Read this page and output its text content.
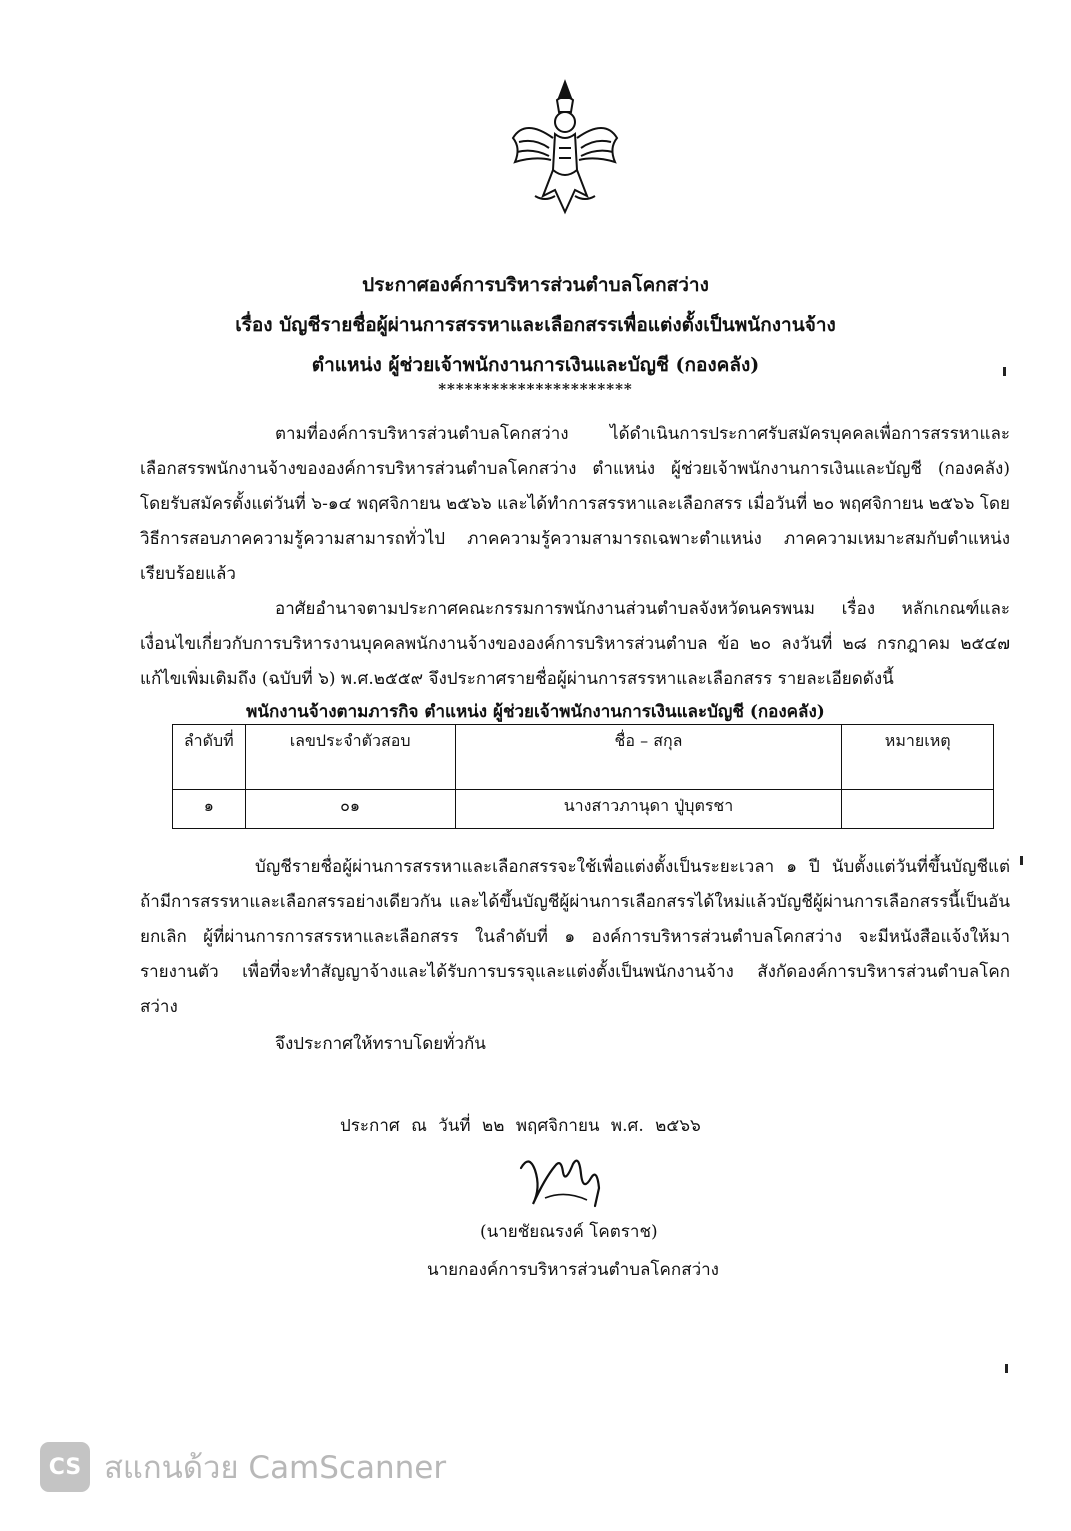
ประกาศองค์การบริหารส่วนตำบลโคกสว่าง
เรื่อง บัญชีรายชื่อผู้ผ่านการสรรหาและเลือกสรรเพื่อแต่งตั้งเป็นพนักงานจ้าง
ตำแหน่ง ผู้ช่วยเจ้าพนักงานการเงินและบัญชี (กองคลัง)
**********************
ตามที่องค์การบริหารส่วนตำบลโคกสว่าง ได้ดำเนินการประกาศรับสมัครบุคคลเพื่อการสรรหาและเลือกสรรพนักงานจ้างขององค์การบริหารส่วนตำบลโคกสว่าง ตำแหน่ง ผู้ช่วยเจ้าพนักงานการเงินและบัญชี (กองคลัง) โดยรับสมัครตั้งแต่วันที่ ๖-๑๔ พฤศจิกายน ๒๕๖๖ และได้ทำการสรรหาและเลือกสรร เมื่อวันที่ ๒๐ พฤศจิกายน ๒๕๖๖ โดยวิธีการสอบภาคความรู้ความสามารถทั่วไป ภาคความรู้ความสามารถเฉพาะตำแหน่ง ภาคความเหมาะสมกับตำแหน่ง เรียบร้อยแล้ว
อาศัยอำนาจตามประกาศคณะกรรมการพนักงานส่วนตำบลจังหวัดนครพนม เรื่อง หลักเกณฑ์และเงื่อนไขเกี่ยวกับการบริหารงานบุคคลพนักงานจ้างขององค์การบริหารส่วนตำบล ข้อ ๒๐ ลงวันที่ ๒๘ กรกฎาคม ๒๕๔๗ แก้ไขเพิ่มเติมถึง (ฉบับที่ ๖) พ.ศ.๒๕๕๙ จึงประกาศรายชื่อผู้ผ่านการสรรหาและเลือกสรร รายละเอียดดังนี้
พนักงานจ้างตามภารกิจ ตำแหน่ง ผู้ช่วยเจ้าพนักงานการเงินและบัญชี (กองคลัง)
ลำดับที่	เลขประจำตัวสอบ	ชื่อ – สกุล	หมายเหตุ
๑	๐๑	นางสาวภานุดา ปู่บุตรชา	
บัญชีรายชื่อผู้ผ่านการสรรหาและเลือกสรรจะใช้เพื่อแต่งตั้งเป็นระยะเวลา ๑ ปี นับตั้งแต่วันที่ขึ้นบัญชีแต่ถ้ามีการสรรหาและเลือกสรรอย่างเดียวกัน และได้ขึ้นบัญชีผู้ผ่านการเลือกสรรได้ใหม่แล้วบัญชีผู้ผ่านการเลือกสรรนี้เป็นอันยกเลิก ผู้ที่ผ่านการการสรรหาและเลือกสรร ในลำดับที่ ๑ องค์การบริหารส่วนตำบลโคกสว่าง จะมีหนังสือแจ้งให้มารายงานตัว เพื่อที่จะทำสัญญาจ้างและได้รับการบรรจุและแต่งตั้งเป็นพนักงานจ้าง สังกัดองค์การบริหารส่วนตำบลโคกสว่าง
จึงประกาศให้ทราบโดยทั่วกัน
ประกาศ ณ วันที่ ๒๒ พฤศจิกายน พ.ศ. ๒๕๖๖
(นายชัยณรงค์ โคตราช)
นายกองค์การบริหารส่วนตำบลโคกสว่าง
CS สแกนด้วย CamScanner
